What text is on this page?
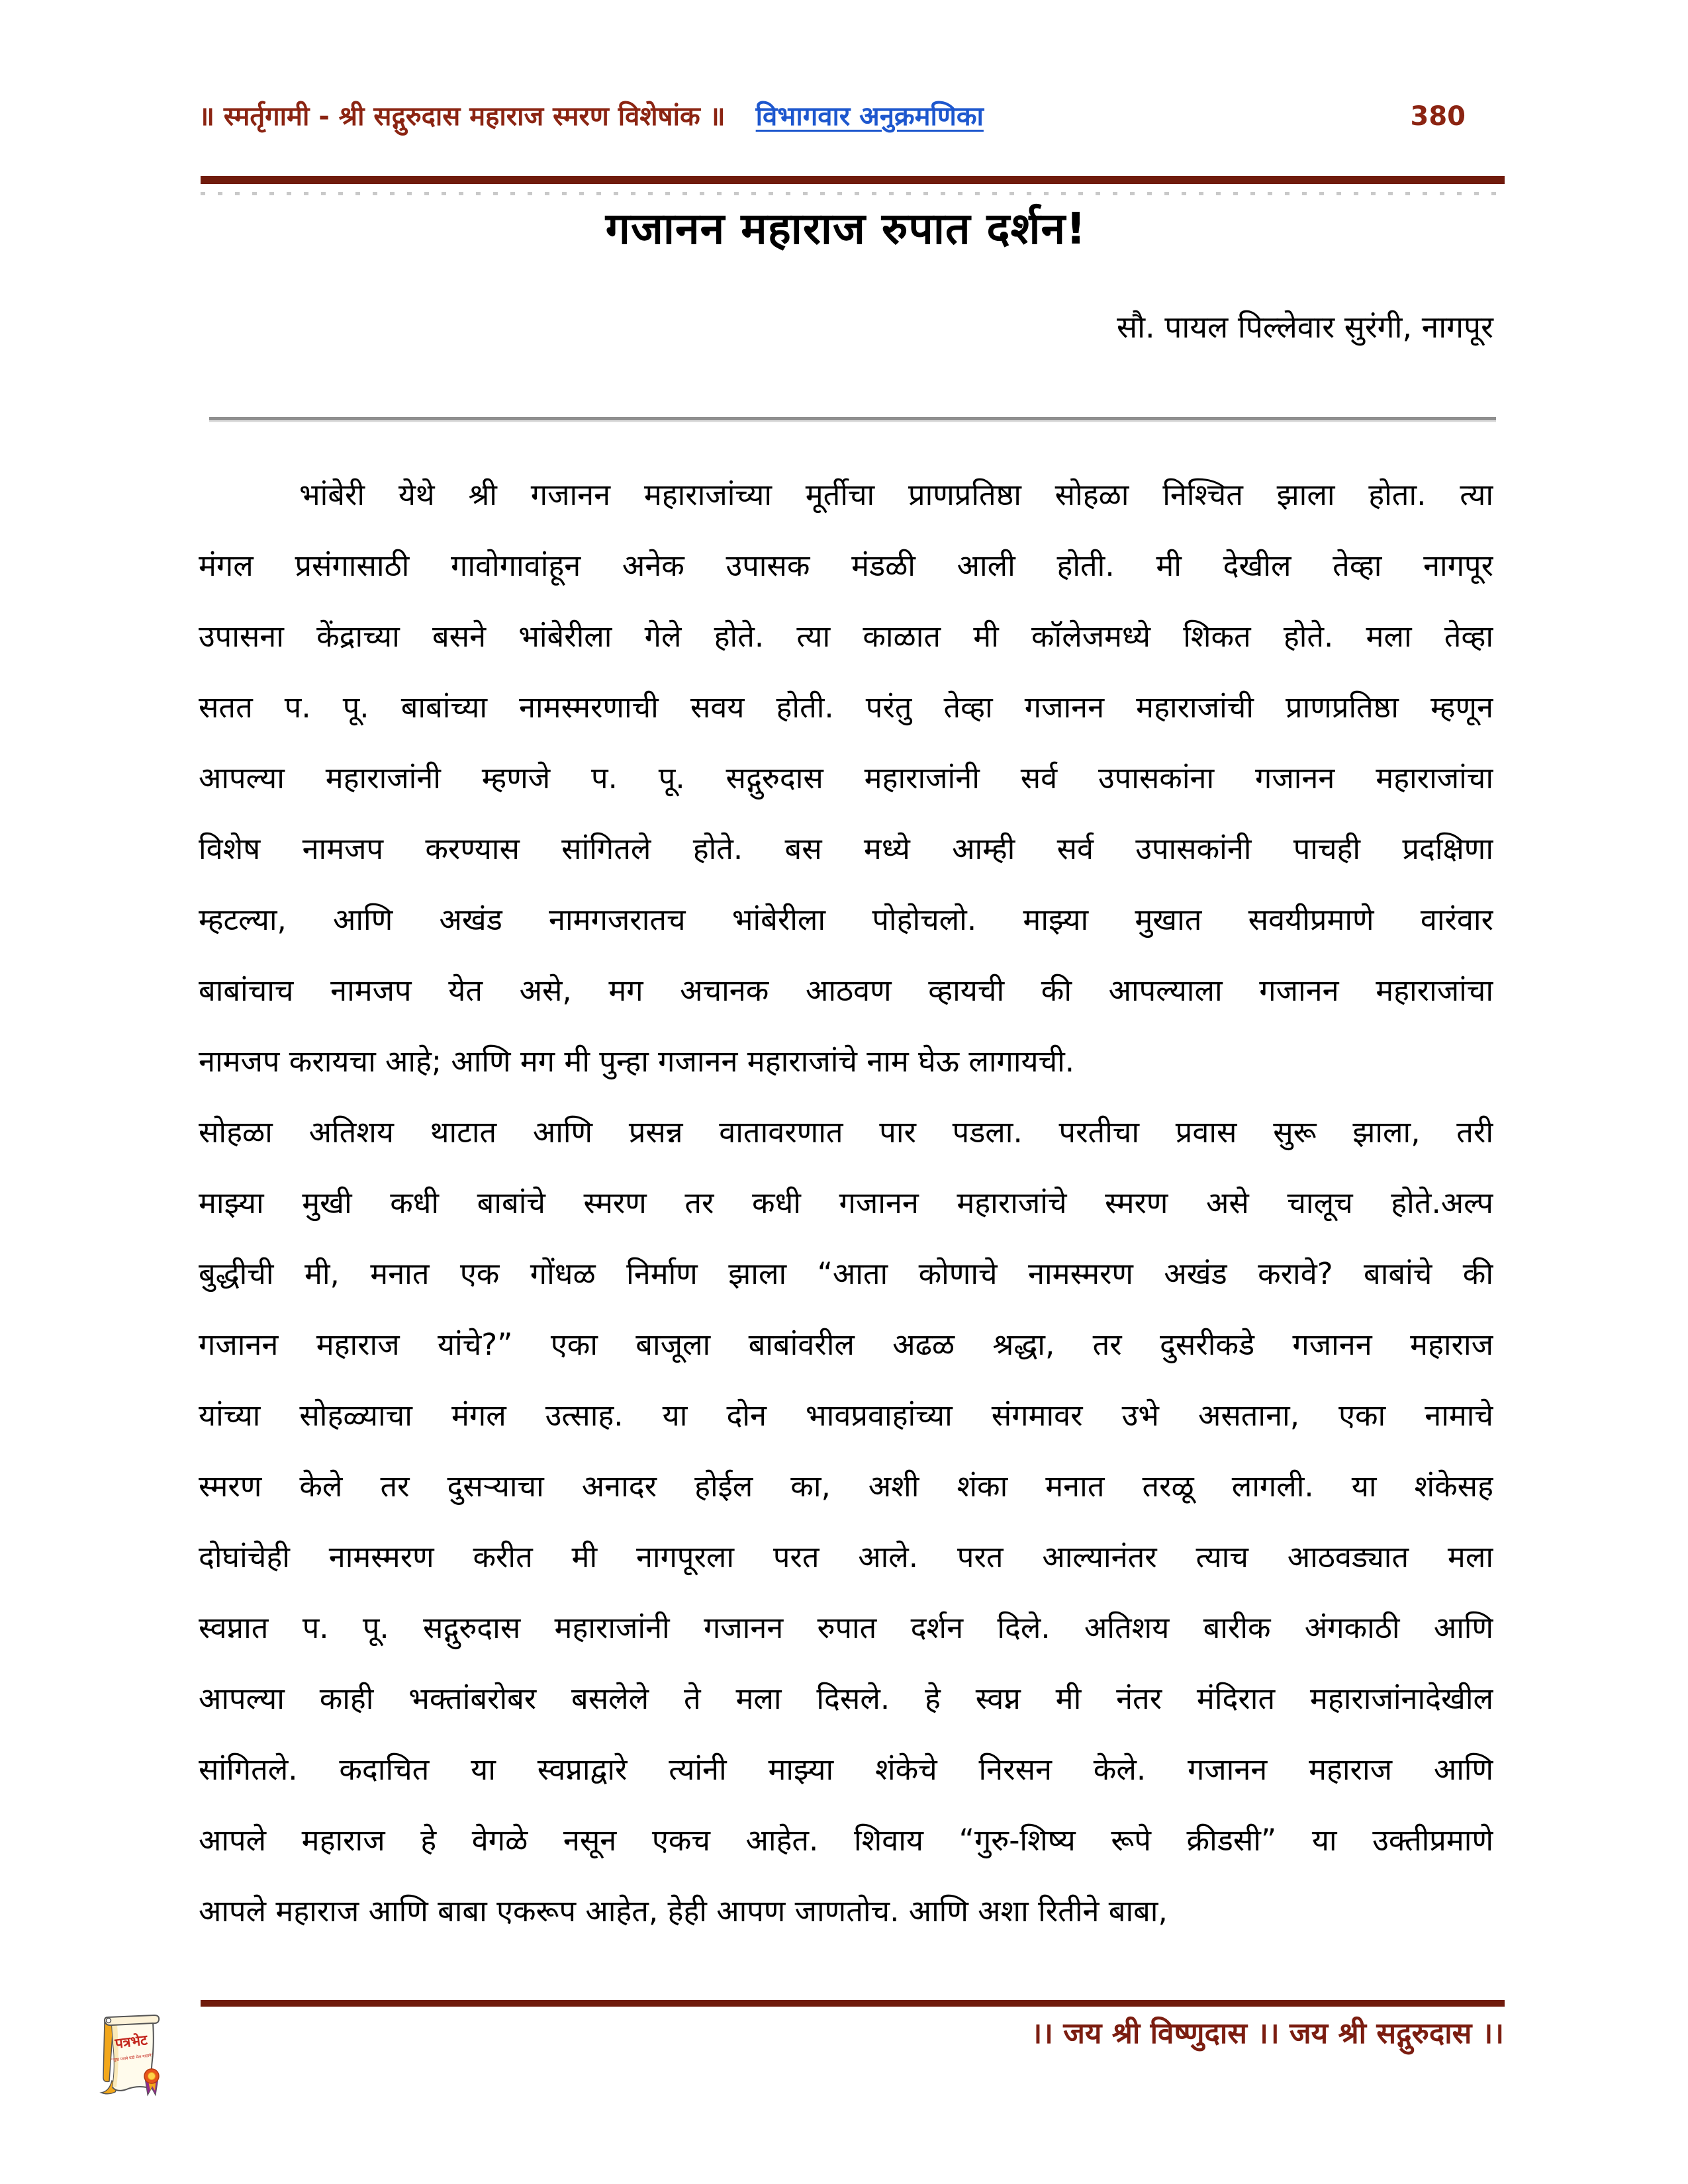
॥ स्मर्तृगामी - श्री सद्गुरुदास महाराज स्मरण विशेषांक ॥ विभागवार अनुक्रमणिका	380
गजानन महाराज रुपात दर्शन!
सौ. पायल पिल्लेवार सुरंगी, नागपूर
भांबेरी येथे श्री गजानन महाराजांच्या मूर्तीचा प्राणप्रतिष्ठा सोहळा निश्चित झाला होता. त्या
मंगल प्रसंगासाठी गावोगावांहून अनेक उपासक मंडळी आली होती. मी देखील तेव्हा नागपूर
उपासना केंद्राच्या बसने भांबेरीला गेले होते. त्या काळात मी कॉलेजमध्ये शिकत होते. मला तेव्हा
सतत प. पू. बाबांच्या नामस्मरणाची सवय होती. परंतु तेव्हा गजानन महाराजांची प्राणप्रतिष्ठा म्हणून
आपल्या महाराजांनी म्हणजे प. पू. सद्गुरुदास महाराजांनी सर्व उपासकांना गजानन महाराजांचा
विशेष नामजप करण्यास सांगितले होते. बस मध्ये आम्ही सर्व उपासकांनी पाचही प्रदक्षिणा
म्हटल्या, आणि अखंड नामगजरातच भांबेरीला पोहोचलो. माझ्या मुखात सवयीप्रमाणे वारंवार
बाबांचाच नामजप येत असे, मग अचानक आठवण व्हायची की आपल्याला गजानन महाराजांचा
नामजप करायचा आहे; आणि मग मी पुन्हा गजानन महाराजांचे नाम घेऊ लागायची.
सोहळा अतिशय थाटात आणि प्रसन्न वातावरणात पार पडला. परतीचा प्रवास सुरू झाला, तरी
माझ्या मुखी कधी बाबांचे स्मरण तर कधी गजानन महाराजांचे स्मरण असे चालूच होते.अल्प
बुद्धीची मी, मनात एक गोंधळ निर्माण झाला “आता कोणाचे नामस्मरण अखंड करावे? बाबांचे की
गजानन महाराज यांचे?” एका बाजूला बाबांवरील अढळ श्रद्धा, तर दुसरीकडे गजानन महाराज
यांच्या सोहळ्याचा मंगल उत्साह. या दोन भावप्रवाहांच्या संगमावर उभे असताना, एका नामाचे
स्मरण केले तर दुसऱ्याचा अनादर होईल का, अशी शंका मनात तरळू लागली. या शंकेसह
दोघांचेही नामस्मरण करीत मी नागपूरला परत आले. परत आल्यानंतर त्याच आठवड्यात मला
स्वप्नात प. पू. सद्गुरुदास महाराजांनी गजानन रुपात दर्शन दिले. अतिशय बारीक अंगकाठी आणि
आपल्या काही भक्तांबरोबर बसलेले ते मला दिसले. हे स्वप्न मी नंतर मंदिरात महाराजांनादेखील
सांगितले. कदाचित या स्वप्नाद्वारे त्यांनी माझ्या शंकेचे निरसन केले. गजानन महाराज आणि
आपले महाराज हे वेगळे नसून एकच आहेत. शिवाय “गुरु-शिष्य रूपे क्रीडसी” या उक्तीप्रमाणे
आपले महाराज आणि बाबा एकरूप आहेत, हेही आपण जाणतोच. आणि अशा रितीने बाबा,
।। जय श्री विष्णुदास ।। जय श्री सद्गुरुदास ।।
पत्रभेट
“सुख पत्राने घडो मेळ गाठावे”
